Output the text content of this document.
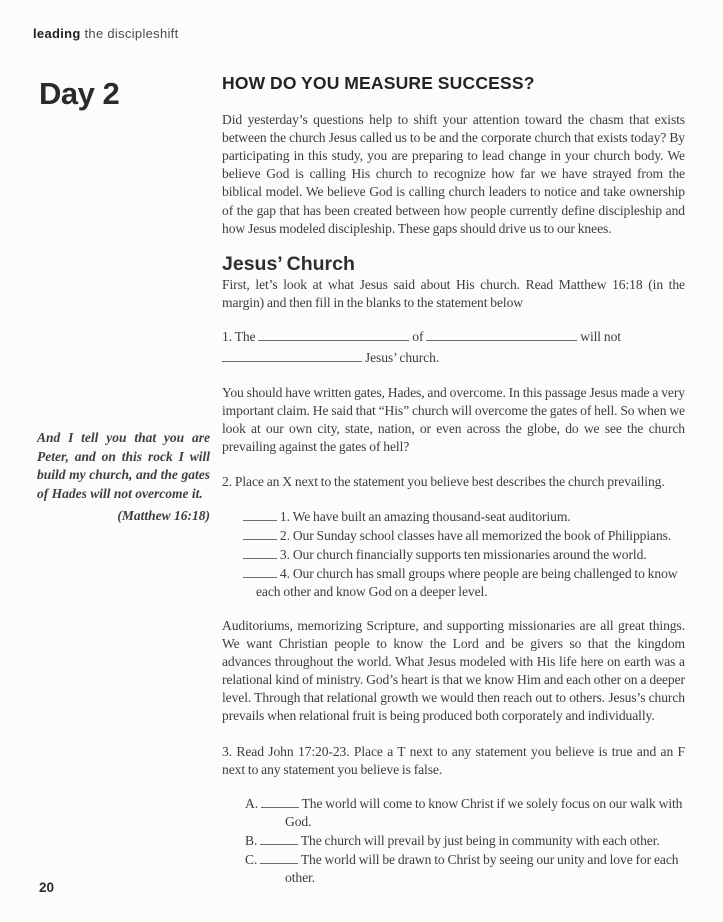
leading the discipleshift
Day 2
And I tell you that you are Peter, and on this rock I will build my church, and the gates of Hades will not overcome it.
(Matthew 16:18)
HOW DO YOU MEASURE SUCCESS?

Did yesterday’s questions help to shift your attention toward the chasm that exists between the church Jesus called us to be and the corporate church that exists today? By participating in this study, you are preparing to lead change in your church body. We believe God is calling His church to recognize how far we have strayed from the biblical model. We believe God is calling church leaders to notice and take ownership of the gap that has been created between how people currently define discipleship and how Jesus modeled discipleship. These gaps should drive us to our knees.

Jesus’ Church

First, let’s look at what Jesus said about His church. Read Matthew 16:18 (in the margin) and then fill in the blanks to the statement below

1. The	of	will not
Jesus’ church.

You should have written gates, Hades, and overcome. In this passage Jesus made a very important claim. He said that “His” church will overcome the gates of hell. So when we look at our own city, state, nation, or even across the globe, do we see the church prevailing against the gates of hell?

2. Place an X next to the statement you believe best describes the church prevailing.

1. We have built an amazing thousand-seat auditorium.
2. Our Sunday school classes have all memorized the book of Philippians.
3. Our church financially supports ten missionaries around the world.
4. Our church has small groups where people are being challenged to know each other and know God on a deeper level.

Auditoriums, memorizing Scripture, and supporting missionaries are all great things. We want Christian people to know the Lord and be givers so that the kingdom advances throughout the world. What Jesus modeled with His life here on earth was a relational kind of ministry. God’s heart is that we know Him and each other on a deeper level. Through that relational growth we would then reach out to others. Jesus’s church prevails when relational fruit is being produced both corporately and individually.

3. Read John 17:20-23. Place a T next to any statement you believe is true and an F next to any statement you believe is false.

A.	The world will come to know Christ if we solely focus on our walk with God.
B.	The church will prevail by just being in community with each other.
C.	The world will be drawn to Christ by seeing our unity and love for each other.
20
